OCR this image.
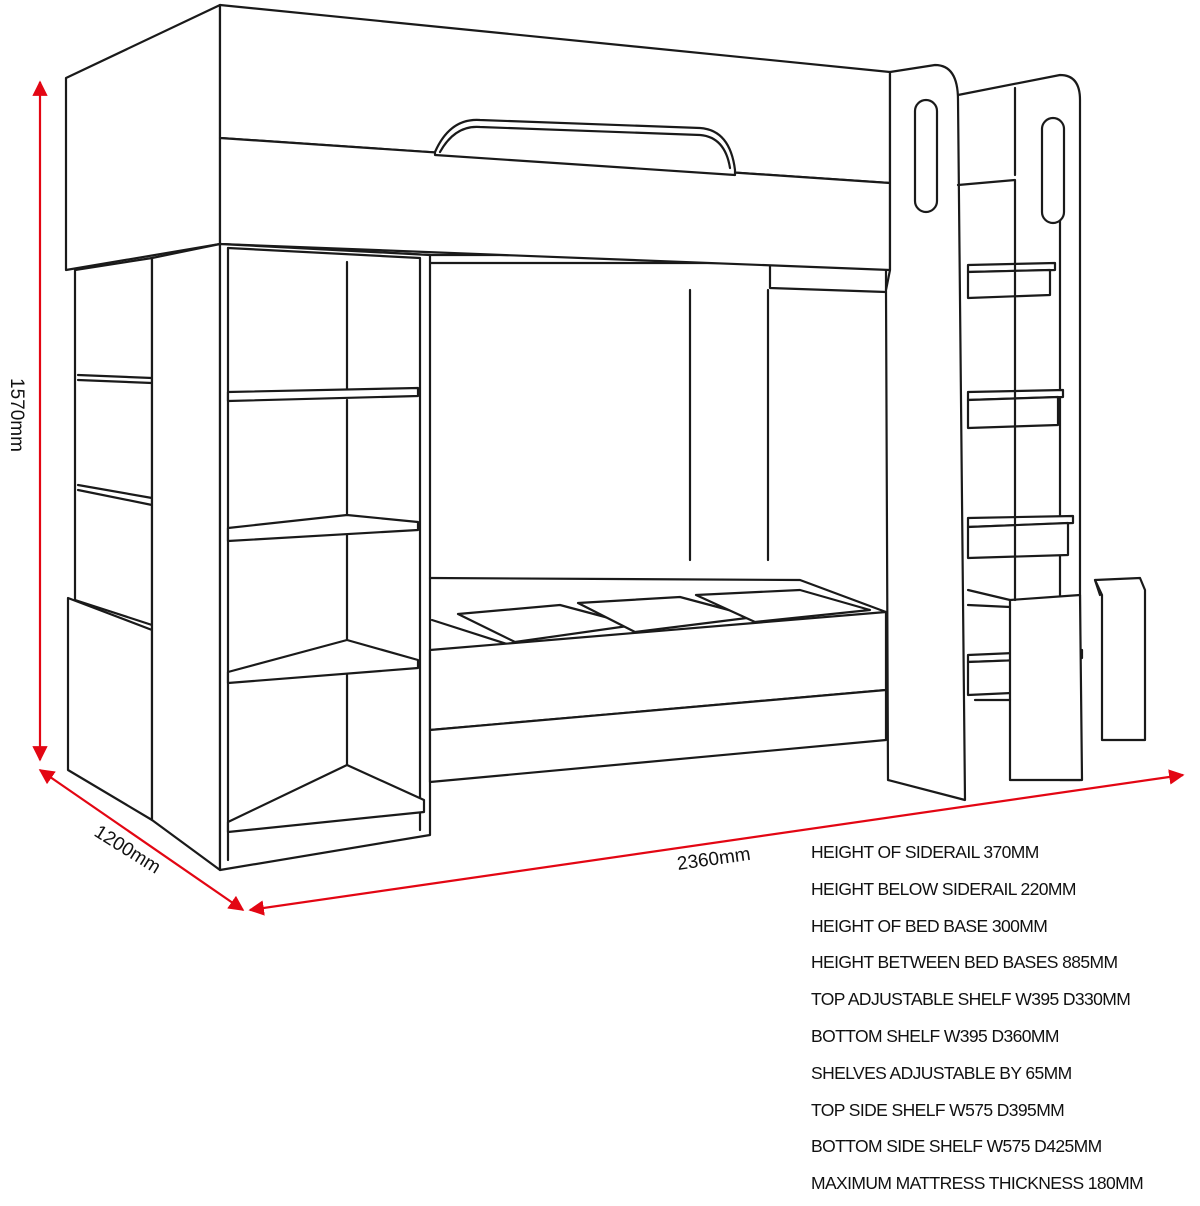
1570mm
1200mm	2360mm	HEIGHT OF SIDERAIL 370MM
HEIGHT BELOW SIDERAIL 220MM
HEIGHT OF BED BASE 300MM
HEIGHT BETWEEN BED BASES 885MM
TOP ADJUSTABLE SHELF W395 D330MM
BOTTOM SHELF W395 D360MM
SHELVES ADJUSTABLE BY 65MM
TOP SIDE SHELF W575 D395MM
BOTTOM SIDE SHELF W575 D425MM
MAXIMUM MATTRESS THICKNESS 180MM
